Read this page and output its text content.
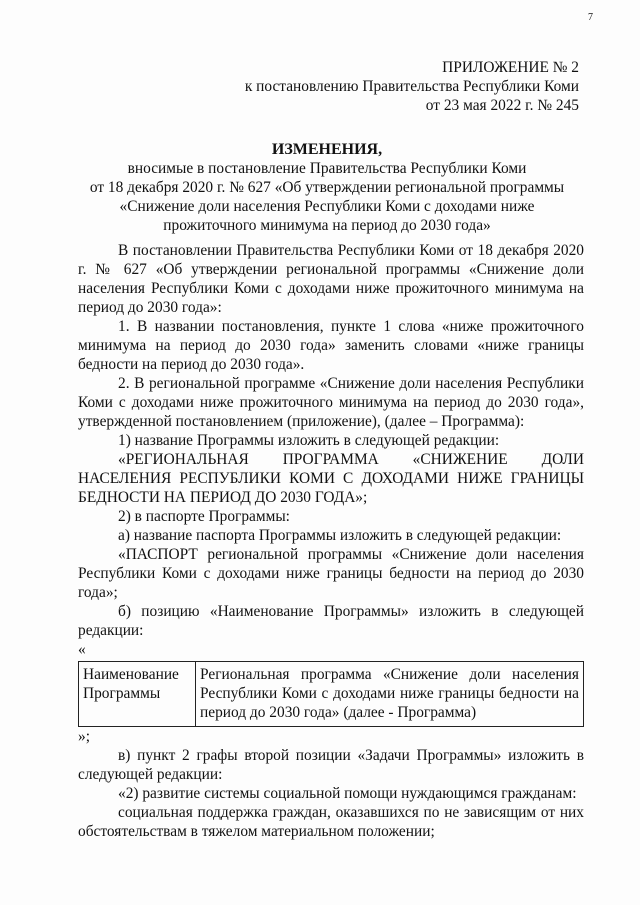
7
ПРИЛОЖЕНИЕ № 2
к постановлению Правительства Республики Коми
от 23 мая 2022 г. № 245
ИЗМЕНЕНИЯ,
вносимые в постановление Правительства Республики Коми
от 18 декабря 2020 г. № 627 «Об утверждении региональной программы
«Снижение доли населения Республики Коми с доходами ниже
прожиточного минимума на период до 2030 года»

В постановлении Правительства Республики Коми от 18 декабря 2020 г. № 627 «Об утверждении региональной программы «Снижение доли населения Республики Коми с доходами ниже прожиточного минимума на период до 2030 года»:

1. В названии постановления, пункте 1 слова «ниже прожиточного минимума на период до 2030 года» заменить словами «ниже границы бедности на период до 2030 года».

2. В региональной программе «Снижение доли населения Республики Коми с доходами ниже прожиточного минимума на период до 2030 года», утвержденной постановлением (приложение), (далее – Программа):

1) название Программы изложить в следующей редакции:

«РЕГИОНАЛЬНАЯ ПРОГРАММА «СНИЖЕНИЕ ДОЛИ НАСЕЛЕНИЯ РЕСПУБЛИКИ КОМИ С ДОХОДАМИ НИЖЕ ГРАНИЦЫ БЕДНОСТИ НА ПЕРИОД ДО 2030 ГОДА»;

2) в паспорте Программы:

а) название паспорта Программы изложить в следующей редакции:

«ПАСПОРТ региональной программы «Снижение доли населения Республики Коми с доходами ниже границы бедности на период до 2030 года»;

б) позицию «Наименование Программы» изложить в следующей редакции:

«

Наименование Программы	Региональная программа «Снижение доли населения Республики Коми с доходами ниже границы бедности на период до 2030 года» (далее - Программа)

»;

в) пункт 2 графы второй позиции «Задачи Программы» изложить в следующей редакции:

«2) развитие системы социальной помощи нуждающимся гражданам:

социальная поддержка граждан, оказавшихся по не зависящим от них обстоятельствам в тяжелом материальном положении;
